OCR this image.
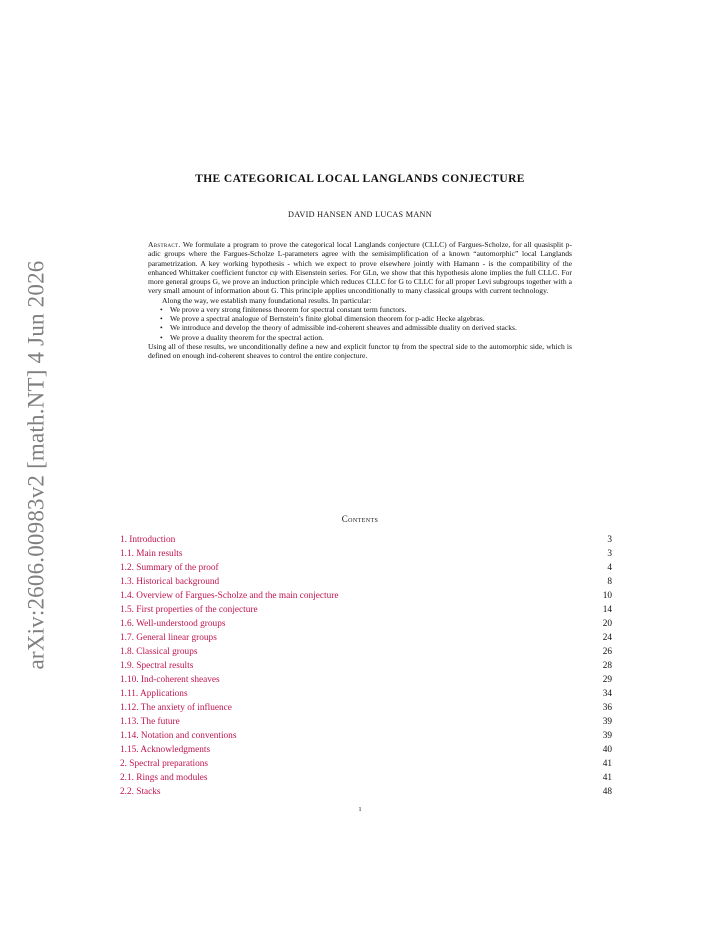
arXiv:2606.00983v2 [math.NT] 4 Jun 2026
THE CATEGORICAL LOCAL LANGLANDS CONJECTURE
DAVID HANSEN AND LUCAS MANN

Abstract. We formulate a program to prove the categorical local Langlands conjecture (CLLC) of Fargues-Scholze, for all quasisplit p-adic groups where the Fargues-Scholze L-parameters agree with the semisimplification of a known “automorphic” local Langlands parametrization. A key working hypothesis - which we expect to prove elsewhere jointly with Hamann - is the compatibility of the enhanced Whittaker coefficient functor cψ with Eisenstein series. For GLn, we show that this hypothesis alone implies the full CLLC. For more general groups G, we prove an induction principle which reduces CLLC for G to CLLC for all proper Levi subgroups together with a very small amount of information about G. This principle applies unconditionally to many classical groups with current technology.

Along the way, we establish many foundational results. In particular:

• We prove a very strong finiteness theorem for spectral constant term functors.
• We prove a spectral analogue of Bernstein’s finite global dimension theorem for p-adic Hecke algebras.
• We introduce and develop the theory of admissible ind-coherent sheaves and admissible duality on derived stacks.
• We prove a duality theorem for the spectral action.

Using all of these results, we unconditionally define a new and explicit functor tψ from the spectral side to the automorphic side, which is defined on enough ind-coherent sheaves to control the entire conjecture.

Contents
1. Introduction	3
1.1. Main results	3
1.2. Summary of the proof	4
1.3. Historical background	8
1.4. Overview of Fargues-Scholze and the main conjecture	10
1.5. First properties of the conjecture	14
1.6. Well-understood groups	20
1.7. General linear groups	24
1.8. Classical groups	26
1.9. Spectral results	28
1.10. Ind-coherent sheaves	29
1.11. Applications	34
1.12. The anxiety of influence	36
1.13. The future	39
1.14. Notation and conventions	39
1.15. Acknowledgments	40
2. Spectral preparations	41
2.1. Rings and modules	41
2.2. Stacks	48
1
